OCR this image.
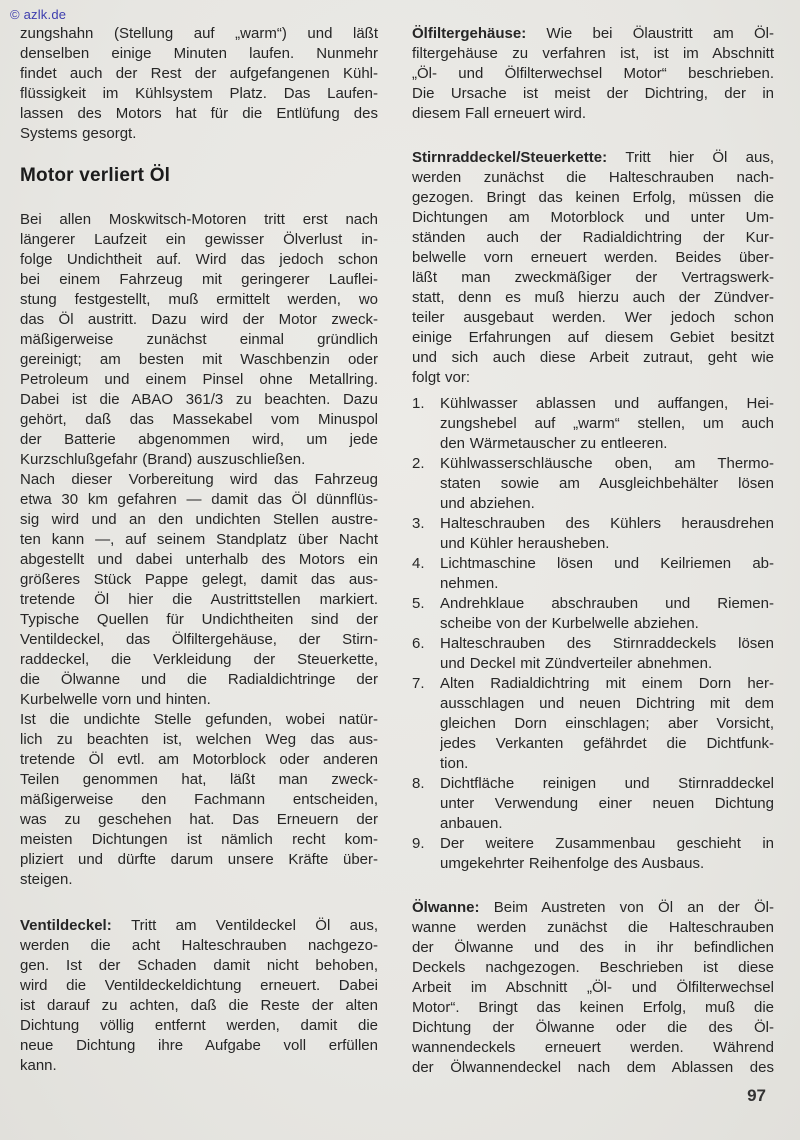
© azlk.de
zungshahn (Stellung auf „warm“) und läßt
denselben einige Minuten laufen. Nunmehr
findet auch der Rest der aufgefangenen Kühl-
flüssigkeit im Kühlsystem Platz. Das Laufen-
lassen des Motors hat für die Entlüfung des
Systems gesorgt.
Motor verliert Öl
Bei allen Moskwitsch-Motoren tritt erst nach
längerer Laufzeit ein gewisser Ölverlust in-
folge Undichtheit auf. Wird das jedoch schon
bei einem Fahrzeug mit geringerer Lauflei-
stung festgestellt, muß ermittelt werden, wo
das Öl austritt. Dazu wird der Motor zweck-
mäßigerweise zunächst einmal gründlich
gereinigt; am besten mit Waschbenzin oder
Petroleum und einem Pinsel ohne Metallring.
Dabei ist die ABAO 361/3 zu beachten. Dazu
gehört, daß das Massekabel vom Minuspol
der Batterie abgenommen wird, um jede
Kurzschlußgefahr (Brand) auszuschließen.
Nach dieser Vorbereitung wird das Fahrzeug
etwa 30 km gefahren — damit das Öl dünnflüs-
sig wird und an den undichten Stellen austre-
ten kann —, auf seinem Standplatz über Nacht
abgestellt und dabei unterhalb des Motors ein
größeres Stück Pappe gelegt, damit das aus-
tretende Öl hier die Austrittstellen markiert.
Typische Quellen für Undichtheiten sind der
Ventildeckel, das Ölfiltergehäuse, der Stirn-
raddeckel, die Verkleidung der Steuerkette,
die Ölwanne und die Radialdichtringe der
Kurbelwelle vorn und hinten.
Ist die undichte Stelle gefunden, wobei natür-
lich zu beachten ist, welchen Weg das aus-
tretende Öl evtl. am Motorblock oder anderen
Teilen genommen hat, läßt man zweck-
mäßigerweise den Fachmann entscheiden,
was zu geschehen hat. Das Erneuern der
meisten Dichtungen ist nämlich recht kom-
pliziert und dürfte darum unsere Kräfte über-
steigen.
Ventildeckel: Tritt am Ventildeckel Öl aus,
werden die acht Halteschrauben nachgezo-
gen. Ist der Schaden damit nicht behoben,
wird die Ventildeckeldichtung erneuert. Dabei
ist darauf zu achten, daß die Reste der alten
Dichtung völlig entfernt werden, damit die
neue Dichtung ihre Aufgabe voll erfüllen
kann.
Ölfiltergehäuse: Wie bei Ölaustritt am Öl-
filtergehäuse zu verfahren ist, ist im Abschnitt
„Öl- und Ölfilterwechsel Motor“ beschrieben.
Die Ursache ist meist der Dichtring, der in
diesem Fall erneuert wird.
Stirnraddeckel/Steuerkette: Tritt hier Öl aus,
werden zunächst die Halteschrauben nach-
gezogen. Bringt das keinen Erfolg, müssen die
Dichtungen am Motorblock und unter Um-
ständen auch der Radialdichtring der Kur-
belwelle vorn erneuert werden. Beides über-
läßt man zweckmäßiger der Vertragswerk-
statt, denn es muß hierzu auch der Zündver-
teiler ausgebaut werden. Wer jedoch schon
einige Erfahrungen auf diesem Gebiet besitzt
und sich auch diese Arbeit zutraut, geht wie
folgt vor:
1.	Kühlwasser ablassen und auffangen, Hei-
zungshebel auf „warm“ stellen, um auch
den Wärmetauscher zu entleeren.
2.	Kühlwasserschläusche oben, am Thermo-
staten sowie am Ausgleichbehälter lösen
und abziehen.
3.	Halteschrauben des Kühlers herausdrehen
und Kühler herausheben.
4.	Lichtmaschine lösen und Keilriemen ab-
nehmen.
5.	Andrehklaue abschrauben und Riemen-
scheibe von der Kurbelwelle abziehen.
6.	Halteschrauben des Stirnraddeckels lösen
und Deckel mit Zündverteiler abnehmen.
7.	Alten Radialdichtring mit einem Dorn her-
ausschlagen und neuen Dichtring mit dem
gleichen Dorn einschlagen; aber Vorsicht,
jedes Verkanten gefährdet die Dichtfunk-
tion.
8.	Dichtfläche reinigen und Stirnraddeckel
unter Verwendung einer neuen Dichtung
anbauen.
9.	Der weitere Zusammenbau geschieht in
umgekehrter Reihenfolge des Ausbaus.
Ölwanne: Beim Austreten von Öl an der Öl-
wanne werden zunächst die Halteschrauben
der Ölwanne und des in ihr befindlichen
Deckels nachgezogen. Beschrieben ist diese
Arbeit im Abschnitt „Öl- und Ölfilterwechsel
Motor“. Bringt das keinen Erfolg, muß die
Dichtung der Ölwanne oder die des Öl-
wannendeckels erneuert werden. Während
der Ölwannendeckel nach dem Ablassen des
97
